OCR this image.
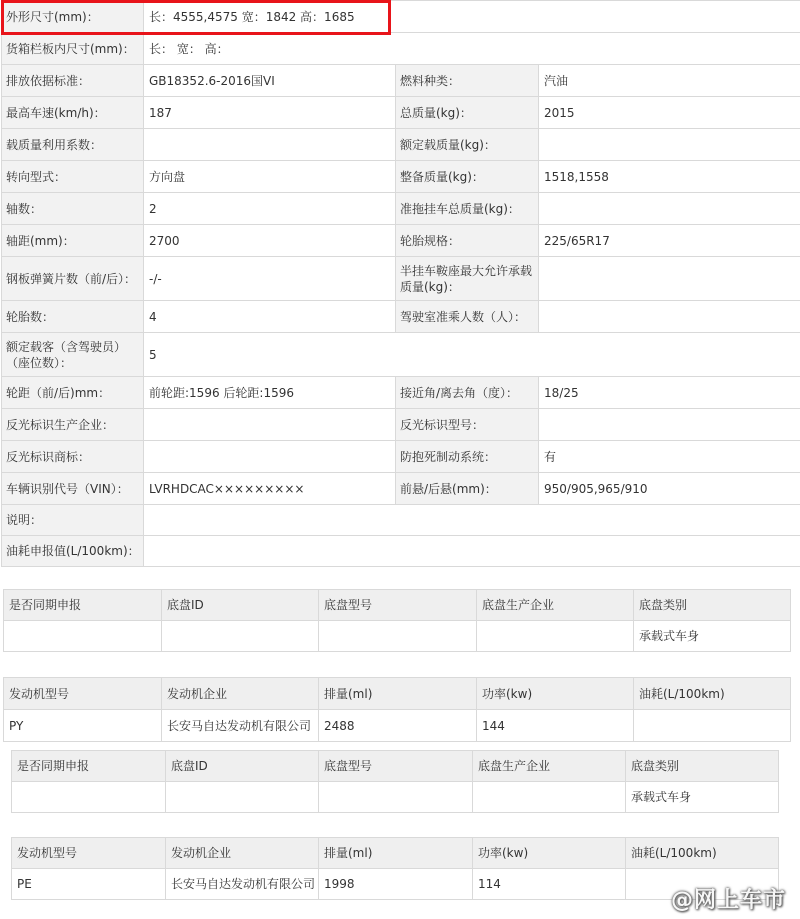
外形尺寸(mm)：	长：4555,4575 宽：1842 高：1685		
货箱栏板内尺寸(mm)：	长： 宽： 高：		
排放依据标准：	GB18352.6-2016国VI	燃料种类：	汽油
最高车速(km/h)：	187	总质量(kg)：	2015
载质量利用系数：		额定载质量(kg)：	
转向型式：	方向盘	整备质量(kg)：	1518,1558
轴数：	2	准拖挂车总质量(kg)：	
轴距(mm)：	2700	轮胎规格：	225/65R17
钢板弹簧片数（前/后）：	-/-	半挂车鞍座最大允许承载质量(kg)：	
轮胎数：	4	驾驶室准乘人数（人）：	
额定载客（含驾驶员）（座位数）：	5		
轮距（前/后)mm：	前轮距:1596 后轮距:1596	接近角/离去角（度）：	18/25
反光标识生产企业：		反光标识型号：	
反光标识商标：		防抱死制动系统：	有
车辆识别代号（VIN）：	LVRHDCAC×××××××××	前悬/后悬(mm)：	950/905,965/910
说明：			
油耗申报值(L/100km)：			
是否同期申报	底盘ID	底盘型号	底盘生产企业	底盘类别
				承载式车身
发动机型号	发动机企业	排量(ml)	功率(kw)	油耗(L/100km)
PY	长安马自达发动机有限公司	2488	144	
是否同期申报	底盘ID	底盘型号	底盘生产企业	底盘类别
				承载式车身
发动机型号	发动机企业	排量(ml)	功率(kw)	油耗(L/100km)
PE	长安马自达发动机有限公司	1998	114	
@网上车市
